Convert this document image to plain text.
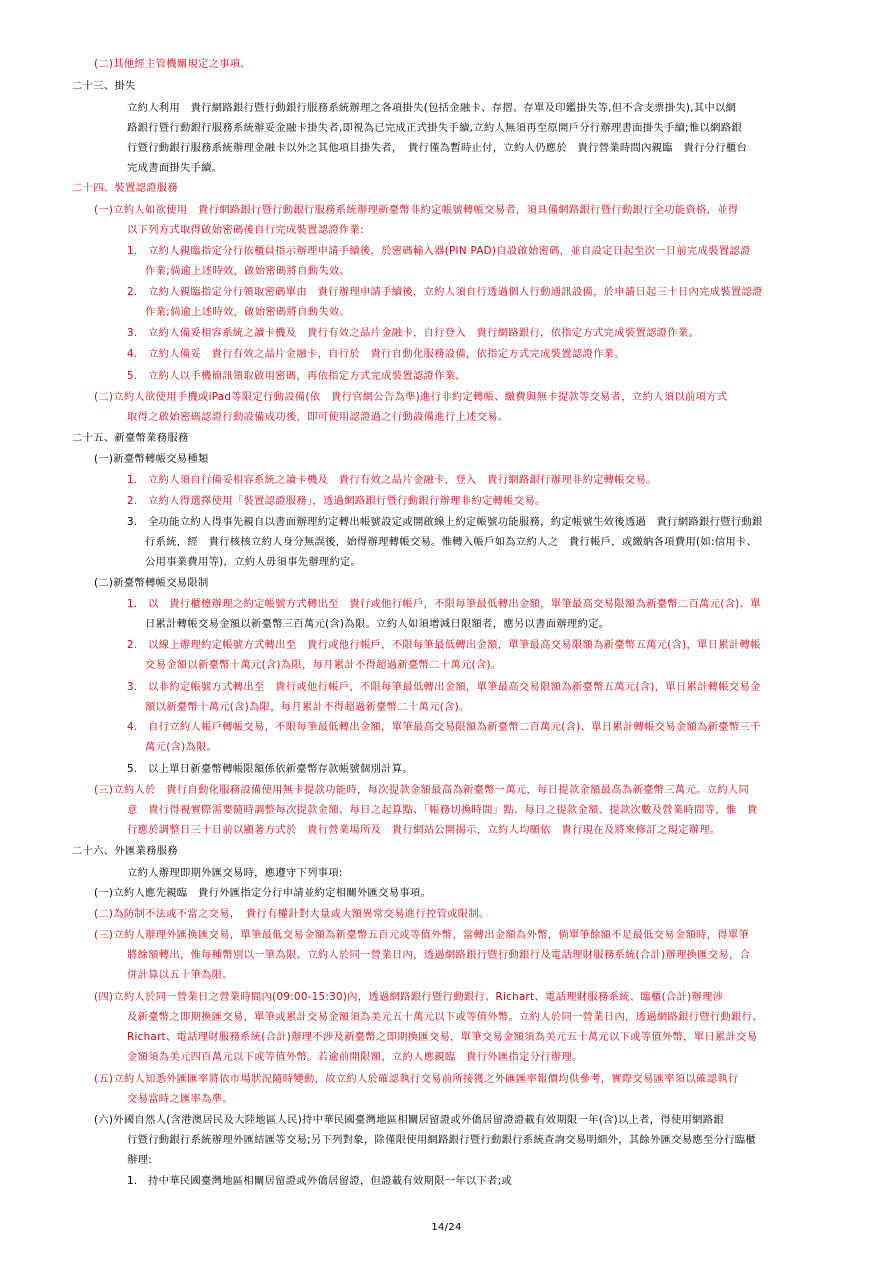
(二)其他經主管機關規定之事項。
二十三、掛失
立約人利用　貴行網路銀行暨行動銀行服務系統辦理之各項掛失(包括金融卡、存摺、存單及印鑑掛失等,但不含支票掛失),其中以網
路銀行暨行動銀行服務系統辦妥金融卡掛失者,即視為已完成正式掛失手續,立約人無須再至原開戶分行辦理書面掛失手續;惟以網路銀
行暨行動銀行服務系統辦理金融卡以外之其他項目掛失者，　貴行僅為暫時止付，立約人仍應於　貴行營業時間內親臨　貴行分行櫃台
完成書面掛失手續。
二十四、裝置認證服務
(一)立約人如欲使用　貴行網路銀行暨行動銀行服務系統辦理新臺幣非約定帳號轉帳交易者，須具備網路銀行暨行動銀行全功能資格，並得
以下列方式取得啟始密碼後自行完成裝置認證作業:
1.　立約人親臨指定分行依櫃員指示辦理申請手續後，於密碼輸入器(PIN PAD)自設啟始密碼，並自設定日起至次一日前完成裝置認證
作業;倘逾上述時效，啟始密碼將自動失效。
2.　立約人親臨指定分行領取密碼單由　貴行辦理申請手續後，立約人須自行透過個人行動通訊設備，於申請日起三十日內完成裝置認證
作業;倘逾上述時效，啟始密碼將自動失效。
3.　立約人備妥相容系統之讀卡機及　貴行有效之晶片金融卡，自行登入　貴行網路銀行，依指定方式完成裝置認證作業。
4.　立約人備妥　貴行有效之晶片金融卡，自行於　貴行自動化服務設備，依指定方式完成裝置認證作業。
5.　立約人以手機簡訊領取啟用密碼，再依指定方式完成裝置認證作業。
(二)立約人欲使用手機或iPad等限定行動設備(依　貴行官網公告為準)進行非約定轉帳、繳費與無卡提款等交易者，立約人須以前項方式
取得之啟始密碼認證行動設備成功後，即可使用認證過之行動設備進行上述交易。
二十五、新臺幣業務服務
(一)新臺幣轉帳交易種類
1.　立約人須自行備妥相容系統之讀卡機及　貴行有效之晶片金融卡，登入　貴行網路銀行辦理非約定轉帳交易。
2.　立約人得選擇使用「裝置認證服務」，透過網路銀行暨行動銀行辦理非約定轉帳交易。
3.　全功能立約人得事先親自以書面辦理約定轉出帳號設定或開啟線上約定帳號功能服務，約定帳號生效後透過　貴行網路銀行暨行動銀
行系統，經　貴行核核立約人身分無誤後，始得辦理轉帳交易。惟轉入帳戶如為立約人之　貴行帳戶，或繳納各項費用(如:信用卡、
公用事業費用等)，立約人毋須事先辦理約定。
(二)新臺幣轉帳交易限制
1.　以　貴行櫃檯辦理之約定帳號方式轉出至　貴行或他行帳戶，不限每筆最低轉出金額，單筆最高交易限額為新臺幣二百萬元(含)、單
日累計轉帳交易金額以新臺幣三百萬元(含)為限。立約人如須增減日限額者，應另以書面辦理約定。
2.　以線上辦理約定帳號方式轉出至　貴行或他行帳戶，不限每筆最低轉出金額，單筆最高交易限額為新臺幣五萬元(含)，單日累計轉帳
交易金額以新臺幣十萬元(含)為限，每月累計不得超過新臺幣二十萬元(含)。
3.　以非約定帳號方式轉出至　貴行或他行帳戶，不限每筆最低轉出金額，單筆最高交易限額為新臺幣五萬元(含)，單日累計轉帳交易金
額以新臺幣十萬元(含)為限，每月累計不得超過新臺幣二十萬元(含)。
4.　自行立約人帳戶轉帳交易，不限每筆最低轉出金額，單筆最高交易限額為新臺幣二百萬元(含)、單日累計轉帳交易金額為新臺幣三千
萬元(含)為限。
5.　以上單日新臺幣轉帳限額係依新臺幣存款帳號個別計算。
(三)立約人於　貴行自動化服務設備使用無卡提款功能時，每次提款金額最高為新臺幣一萬元，每日提款金額最高為新臺幣三萬元。立約人同
意　貴行得視實際需要隨時調整每次提款金額、每日之起算點、「帳務切換時間」點、每日之提款金額、提款次數及營業時間等，惟　貴
行應於調整日三十日前以顯著方式於　貴行營業場所及　貴行網站公開揭示，立約人均願依　貴行現在及將來修訂之規定辦理。
二十六、外匯業務服務
立約人辦理即期外匯交易時，應遵守下列事項:
(一)立約人應先親臨　貴行外匯指定分行申請並約定相關外匯交易事項。
(二)為防制不法或不當之交易，　貴行有權針對大量或大額異常交易進行控管或限制。
(三)立約人辦理外匯換匯交易，單筆最低交易金額為新臺幣五百元或等值外幣，當轉出金額為外幣，倘單筆餘額不足最低交易金額時，得單筆
將餘額轉出，惟每種幣別以一筆為限。立約人於同一營業日內，透過網路銀行暨行動銀行及電話理財服務系統(合計)辦理換匯交易，合
併計算以五十筆為限。
(四)立約人於同一營業日之營業時間內(09:00-15:30)內，透過網路銀行暨行動銀行、Richart、電話理財服務系統、臨櫃(合計)辦理涉
及新臺幣之即期換匯交易，單筆或累計交易金額須為美元五十萬元以下或等值外幣。立約人於同一營業日內，透過網路銀行暨行動銀行、
Richart、電話理財服務系統(合計)辦理不涉及新臺幣之即期換匯交易，單筆交易金額須為美元五十萬元以下或等值外幣，單日累計交易
金額須為美元四百萬元以下或等值外幣。若逾前開限額，立約人應親臨　貴行外匯指定分行辦理。
(五)立約人知悉外匯匯率將依市場狀況隨時變動，故立約人於確認執行交易前所接獲之外匯匯率報價均供參考，實際交易匯率須以確認執行
交易當時之匯率為準。
(六)外國自然人(含港澳居民及大陸地區人民)持中華民國臺灣地區相關居留證或外僑居留證證載有效期限一年(含)以上者，得使用網路銀
行暨行動銀行系統辦理外匯結匯等交易;另下列對象，除僅限使用網路銀行暨行動銀行系統查詢交易明細外，其餘外匯交易應至分行臨櫃
辦理:
1.　持中華民國臺灣地區相關居留證或外僑居留證，但證載有效期限一年以下者;或
14/24
